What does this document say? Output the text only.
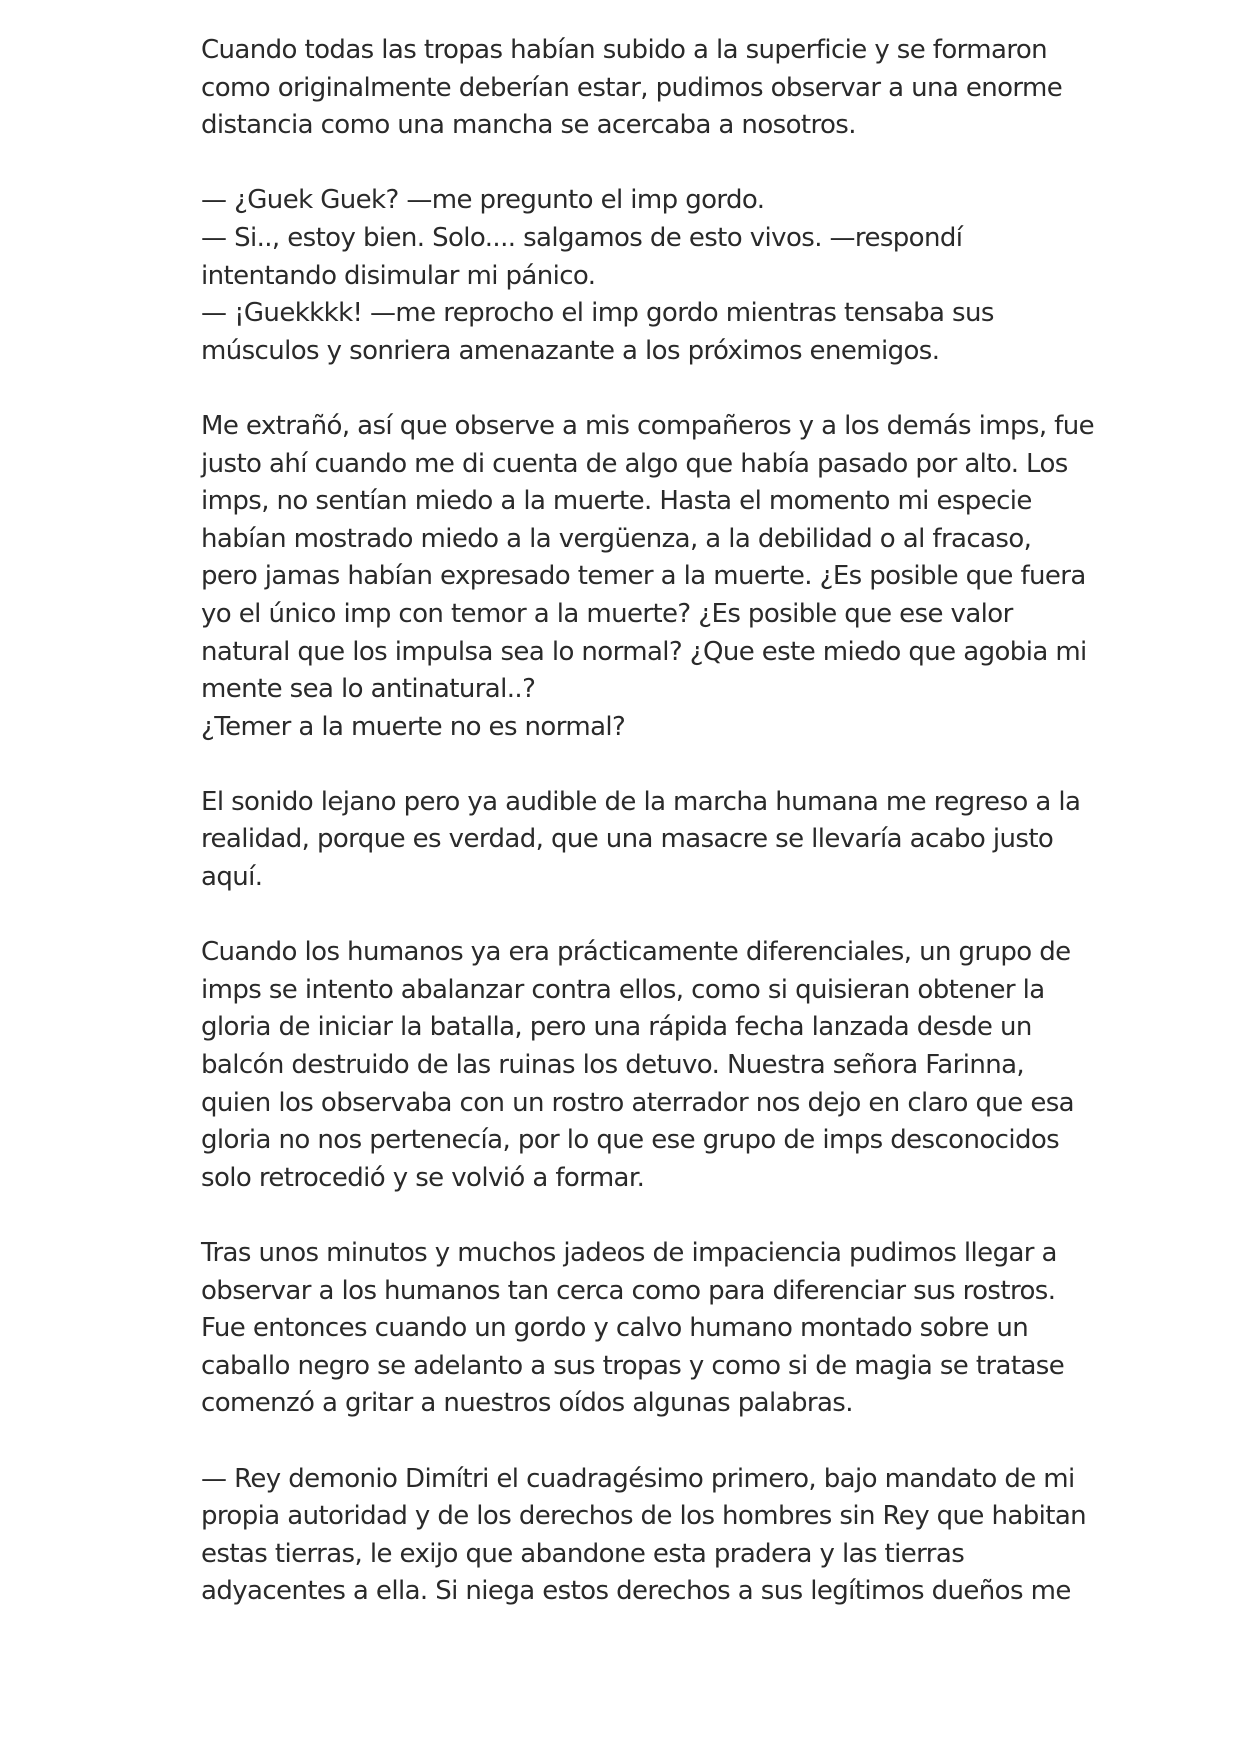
Cuando todas las tropas habían subido a la superficie y se formaron
como originalmente deberían estar, pudimos observar a una enorme
distancia como una mancha se acercaba a nosotros.

— ¿Guek Guek? —me pregunto el imp gordo.
— Si.., estoy bien. Solo.... salgamos de esto vivos. —respondí
intentando disimular mi pánico.
— ¡Guekkkk! —me reprocho el imp gordo mientras tensaba sus
músculos y sonriera amenazante a los próximos enemigos.

Me extrañó, así que observe a mis compañeros y a los demás imps, fue
justo ahí cuando me di cuenta de algo que había pasado por alto. Los
imps, no sentían miedo a la muerte. Hasta el momento mi especie
habían mostrado miedo a la vergüenza, a la debilidad o al fracaso,
pero jamas habían expresado temer a la muerte. ¿Es posible que fuera
yo el único imp con temor a la muerte? ¿Es posible que ese valor
natural que los impulsa sea lo normal? ¿Que este miedo que agobia mi
mente sea lo antinatural..?
¿Temer a la muerte no es normal?

El sonido lejano pero ya audible de la marcha humana me regreso a la
realidad, porque es verdad, que una masacre se llevaría acabo justo
aquí.

Cuando los humanos ya era prácticamente diferenciales, un grupo de
imps se intento abalanzar contra ellos, como si quisieran obtener la
gloria de iniciar la batalla, pero una rápida fecha lanzada desde un
balcón destruido de las ruinas los detuvo. Nuestra señora Farinna,
quien los observaba con un rostro aterrador nos dejo en claro que esa
gloria no nos pertenecía, por lo que ese grupo de imps desconocidos
solo retrocedió y se volvió a formar.

Tras unos minutos y muchos jadeos de impaciencia pudimos llegar a
observar a los humanos tan cerca como para diferenciar sus rostros.
Fue entonces cuando un gordo y calvo humano montado sobre un
caballo negro se adelanto a sus tropas y como si de magia se tratase
comenzó a gritar a nuestros oídos algunas palabras.

— Rey demonio Dimítri el cuadragésimo primero, bajo mandato de mi
propia autoridad y de los derechos de los hombres sin Rey que habitan
estas tierras, le exijo que abandone esta pradera y las tierras
adyacentes a ella. Si niega estos derechos a sus legítimos dueños me
